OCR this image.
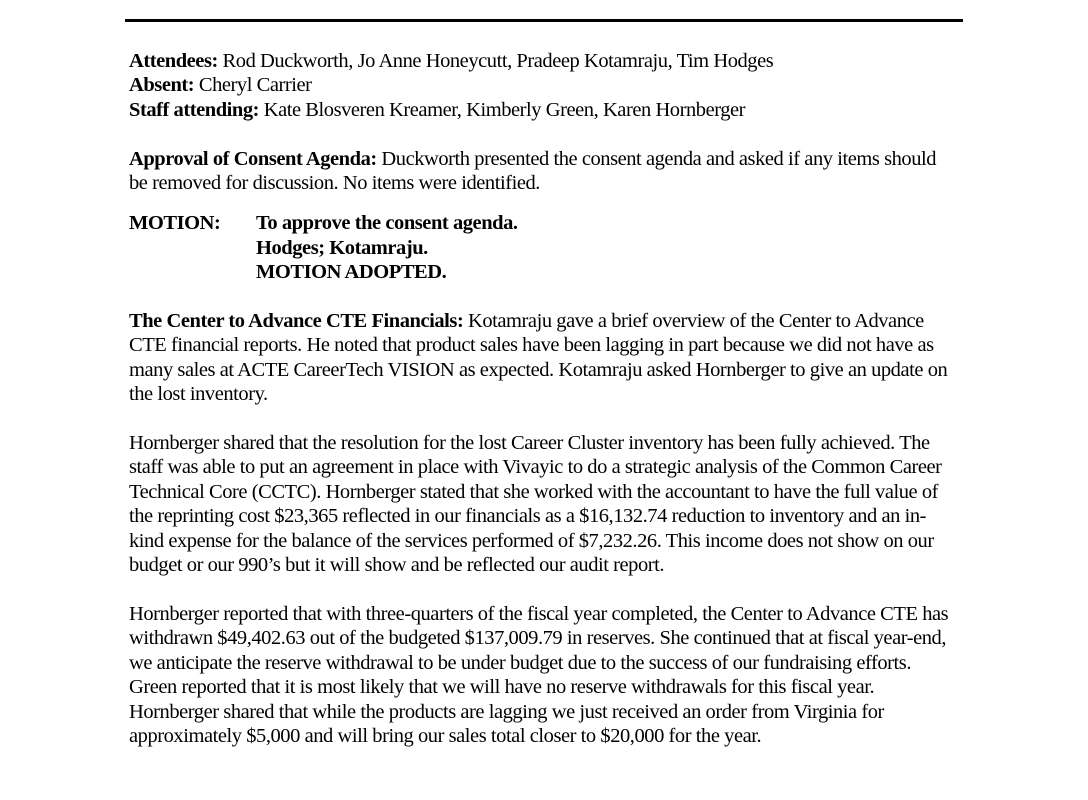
Attendees: Rod Duckworth, Jo Anne Honeycutt, Pradeep Kotamraju, Tim Hodges

Absent: Cheryl Carrier

Staff attending: Kate Blosveren Kreamer, Kimberly Green, Karen Hornberger

Approval of Consent Agenda: Duckworth presented the consent agenda and asked if any items should be removed for discussion. No items were identified.

MOTION:	To approve the consent agenda.

Hodges; Kotamraju.

MOTION ADOPTED.

The Center to Advance CTE Financials: Kotamraju gave a brief overview of the Center to Advance CTE financial reports. He noted that product sales have been lagging in part because we did not have as many sales at ACTE CareerTech VISION as expected. Kotamraju asked Hornberger to give an update on the lost inventory.

Hornberger shared that the resolution for the lost Career Cluster inventory has been fully achieved. The staff was able to put an agreement in place with Vivayic to do a strategic analysis of the Common Career Technical Core (CCTC). Hornberger stated that she worked with the accountant to have the full value of the reprinting cost $23,365 reflected in our financials as a $16,132.74 reduction to inventory and an in-kind expense for the balance of the services performed of $7,232.26. This income does not show on our budget or our 990’s but it will show and be reflected our audit report.

Hornberger reported that with three-quarters of the fiscal year completed, the Center to Advance CTE has withdrawn $49,402.63 out of the budgeted $137,009.79 in reserves. She continued that at fiscal year-end, we anticipate the reserve withdrawal to be under budget due to the success of our fundraising efforts. Green reported that it is most likely that we will have no reserve withdrawals for this fiscal year. Hornberger shared that while the products are lagging we just received an order from Virginia for approximately $5,000 and will bring our sales total closer to $20,000 for the year.
